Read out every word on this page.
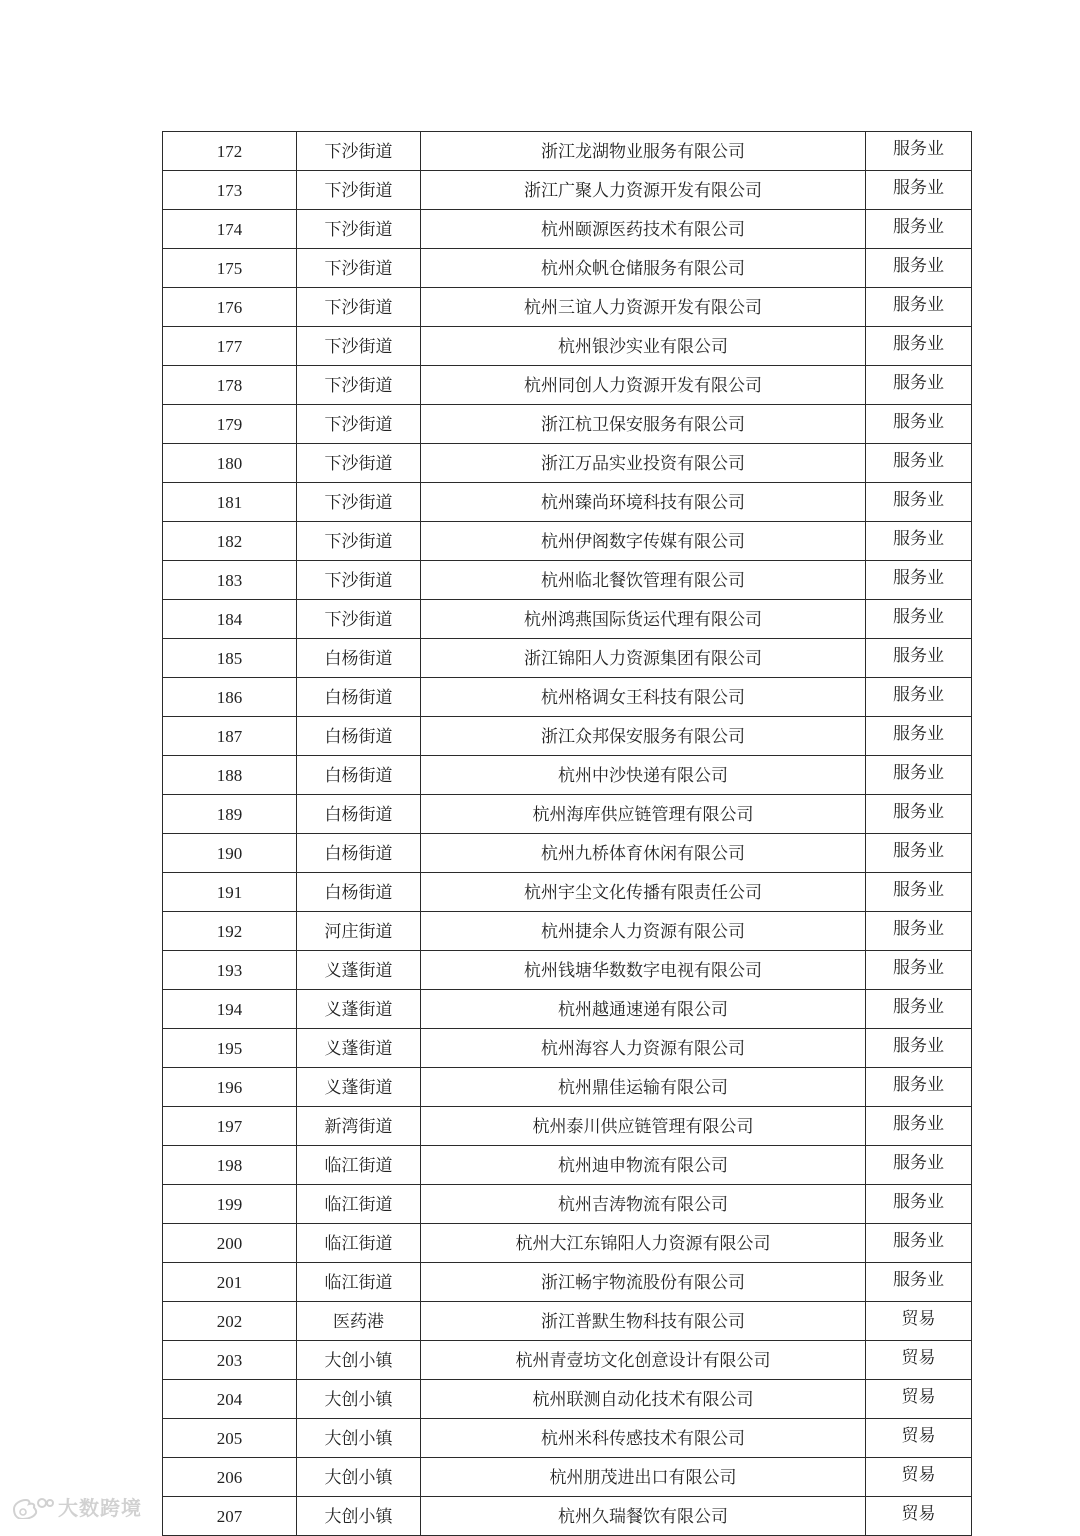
172	下沙街道	浙江龙湖物业服务有限公司	服务业
173	下沙街道	浙江广聚人力资源开发有限公司	服务业
174	下沙街道	杭州颐源医药技术有限公司	服务业
175	下沙街道	杭州众帆仓储服务有限公司	服务业
176	下沙街道	杭州三谊人力资源开发有限公司	服务业
177	下沙街道	杭州银沙实业有限公司	服务业
178	下沙街道	杭州同创人力资源开发有限公司	服务业
179	下沙街道	浙江杭卫保安服务有限公司	服务业
180	下沙街道	浙江万品实业投资有限公司	服务业
181	下沙街道	杭州臻尚环境科技有限公司	服务业
182	下沙街道	杭州伊阁数字传媒有限公司	服务业
183	下沙街道	杭州临北餐饮管理有限公司	服务业
184	下沙街道	杭州鸿燕国际货运代理有限公司	服务业
185	白杨街道	浙江锦阳人力资源集团有限公司	服务业
186	白杨街道	杭州格调女王科技有限公司	服务业
187	白杨街道	浙江众邦保安服务有限公司	服务业
188	白杨街道	杭州中沙快递有限公司	服务业
189	白杨街道	杭州海库供应链管理有限公司	服务业
190	白杨街道	杭州九桥体育休闲有限公司	服务业
191	白杨街道	杭州宇尘文化传播有限责任公司	服务业
192	河庄街道	杭州捷余人力资源有限公司	服务业
193	义蓬街道	杭州钱塘华数数字电视有限公司	服务业
194	义蓬街道	杭州越通速递有限公司	服务业
195	义蓬街道	杭州海容人力资源有限公司	服务业
196	义蓬街道	杭州鼎佳运输有限公司	服务业
197	新湾街道	杭州泰川供应链管理有限公司	服务业
198	临江街道	杭州迪申物流有限公司	服务业
199	临江街道	杭州吉涛物流有限公司	服务业
200	临江街道	杭州大江东锦阳人力资源有限公司	服务业
201	临江街道	浙江畅宇物流股份有限公司	服务业
202	医药港	浙江普默生物科技有限公司	贸易
203	大创小镇	杭州青壹坊文化创意设计有限公司	贸易
204	大创小镇	杭州联测自动化技术有限公司	贸易
205	大创小镇	杭州米科传感技术有限公司	贸易
206	大创小镇	杭州朋茂进出口有限公司	贸易
207	大创小镇	杭州久瑞餐饮有限公司	贸易
大数跨境
